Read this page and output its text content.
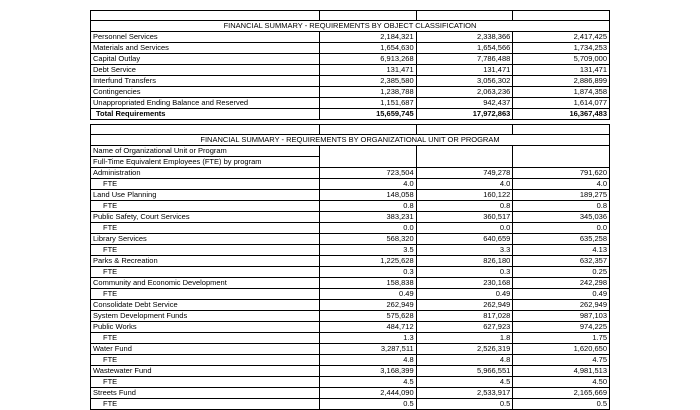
FINANCIAL SUMMARY - REQUIREMENTS BY OBJECT CLASSIFICATION			
Personnel Services	2,184,321	2,338,366	2,417,425
Materials and Services	1,654,630	1,654,566	1,734,253
Capital Outlay	6,913,268	7,786,488	5,709,000
Debt Service	131,471	131,471	131,471
Interfund Transfers	2,385,580	3,056,302	2,886,899
Contingencies	1,238,788	2,063,236	1,874,358
Unappropriated Ending Balance and Reserved	1,151,687	942,437	1,614,077
Total Requirements	15,659,745	17,972,863	16,367,483

FINANCIAL SUMMARY - REQUIREMENTS BY ORGANIZATIONAL UNIT OR PROGRAM			
Name of Organizational Unit or Program			
Full-Time Equivalent Employees (FTE) by program			
Administration	723,504	749,278	791,620
FTE	4.0	4.0	4.0
Land Use Planning	148,058	160,122	189,275
FTE	0.8	0.8	0.8
Public Safety, Court Services	383,231	360,517	345,036
FTE	0.0	0.0	0.0
Library Services	568,320	640,659	635,258
FTE	3.5	3.3	4.13
Parks & Recreation	1,225,628	826,180	632,357
FTE	0.3	0.3	0.25
Community and Economic Development	158,838	230,168	242,298
FTE	0.49	0.49	0.49
Consolidate Debt Service	262,949	262,949	262,949
System Development Funds	575,628	817,028	987,103
Public Works	484,712	627,923	974,225
FTE	1.3	1.8	1.75
Water Fund	3,287,511	2,526,319	1,620,650
FTE	4.8	4.8	4.75
Wastewater Fund	3,168,399	5,966,551	4,981,513
FTE	4.5	4.5	4.50
Streets Fund	2,444,090	2,533,917	2,165,669
FTE	0.5	0.5	0.5
